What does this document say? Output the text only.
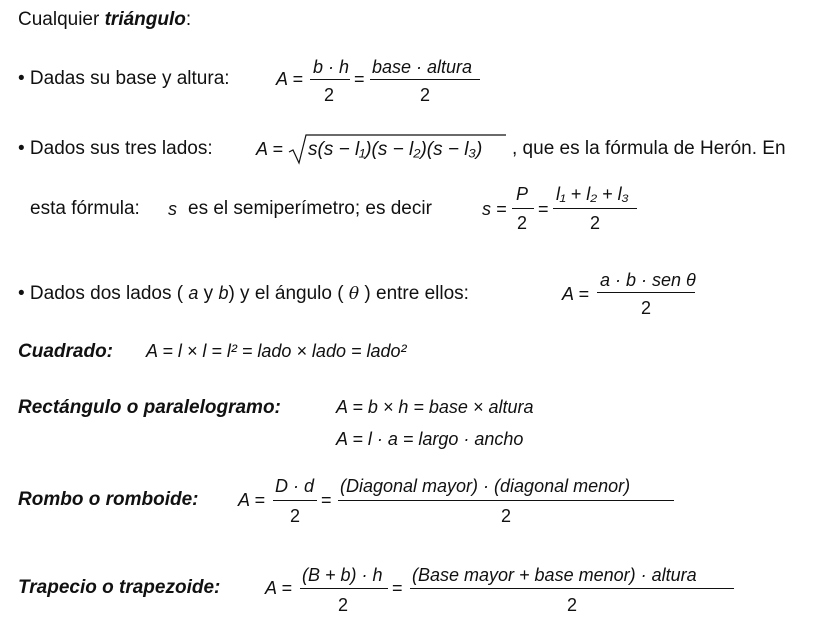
Cualquier triángulo:
• Dadas su base y altura:	A =
b · h
2
=
base · altura
2
• Dados sus tres lados: A = s(s − l₁)(s − l₂)(s − l₃) , que es la fórmula de Herón. En
esta fórmula: s es el semiperímetro; es decir	s =
P
2
=
l₁ + l₂ + l₃
2
• Dados dos lados ( a y b) y el ángulo ( θ ) entre ellos:	A =
a · b · sen θ
2
Cuadrado: A = l × l = l² = lado × lado = lado²
Rectángulo o paralelogramo:	A = b × h = base × altura
A = l · a = largo · ancho
Rombo o romboide: A =
D · d
2
=
(Diagonal mayor) · (diagonal menor)
2
Trapecio o trapezoide: A =
(B + b) · h
2
=
(Base mayor + base menor) · altura
2
